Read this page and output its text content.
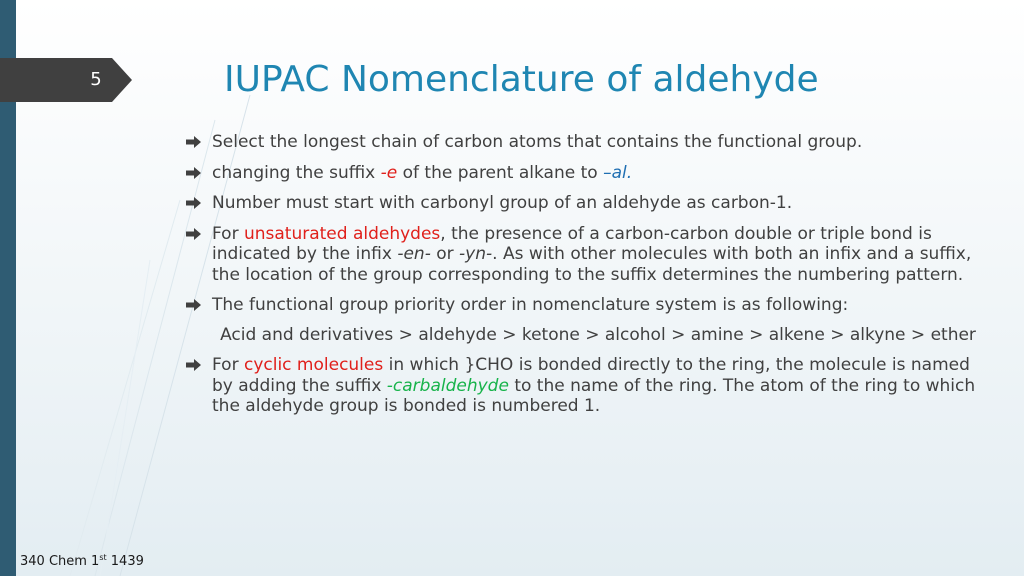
5	IUPAC Nomenclature of aldehyde
Select the longest chain of carbon atoms that contains the functional group.
changing the suffix -e of the parent alkane to –al.
Number must start with carbonyl group of an aldehyde as carbon-1.
For unsaturated aldehydes, the presence of a carbon-carbon double or triple bond is indicated by the infix -en- or -yn-. As with other molecules with both an infix and a suffix, the location of the group corresponding to the suffix determines the numbering pattern.
The functional group priority order in nomenclature system is as following:
Acid and derivatives > aldehyde > ketone > alcohol > amine > alkene > alkyne > ether
For cyclic molecules in which }CHO is bonded directly to the ring, the molecule is named by adding the suffix -carbaldehyde to the name of the ring. The atom of the ring to which the aldehyde group is bonded is numbered 1.
340 Chem 1st 1439
